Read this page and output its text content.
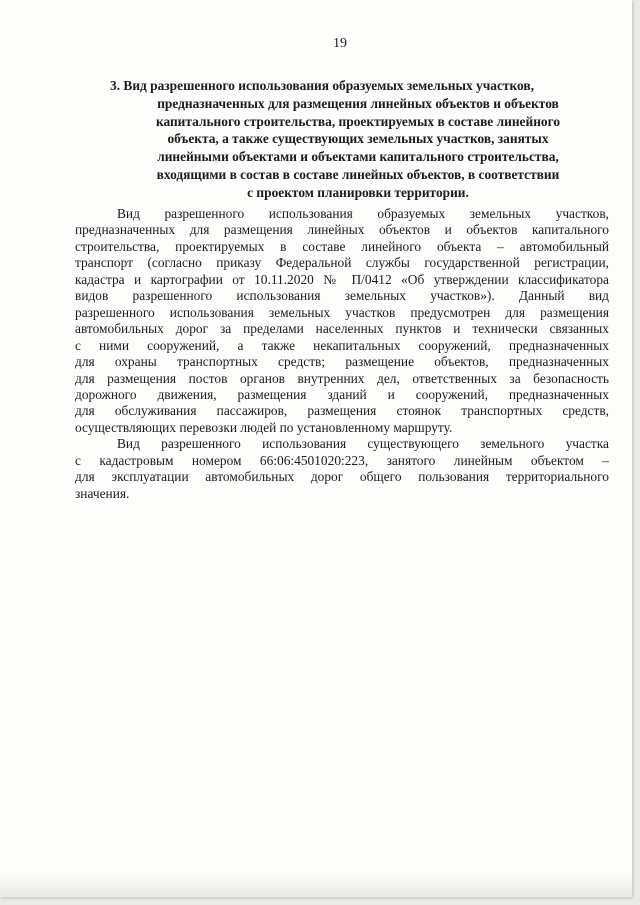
19
3. Вид разрешенного использования образуемых земельных участков,
предназначенных для размещения линейных объектов и объектов
капитального строительства, проектируемых в составе линейного
объекта, а также существующих земельных участков, занятых
линейными объектами и объектами капитального строительства,
входящими в состав в составе линейных объектов, в соответствии
с проектом планировки территории.
Вид разрешенного использования образуемых земельных участков,
предназначенных для размещения линейных объектов и объектов капитального
строительства, проектируемых в составе линейного объекта – автомобильный
транспорт (согласно приказу Федеральной службы государственной регистрации,
кадастра и картографии от 10.11.2020 № П/0412 «Об утверждении классификатора
видов разрешенного использования земельных участков»). Данный вид
разрешенного использования земельных участков предусмотрен для размещения
автомобильных дорог за пределами населенных пунктов и технически связанных
с ними сооружений, а также некапитальных сооружений, предназначенных
для охраны транспортных средств; размещение объектов, предназначенных
для размещения постов органов внутренних дел, ответственных за безопасность
дорожного движения, размещения зданий и сооружений, предназначенных
для обслуживания пассажиров, размещения стоянок транспортных средств,
осуществляющих перевозки людей по установленному маршруту.
Вид разрешенного использования существующего земельного участка
с кадастровым номером 66:06:4501020:223, занятого линейным объектом –
для эксплуатации автомобильных дорог общего пользования территориального
значения.
